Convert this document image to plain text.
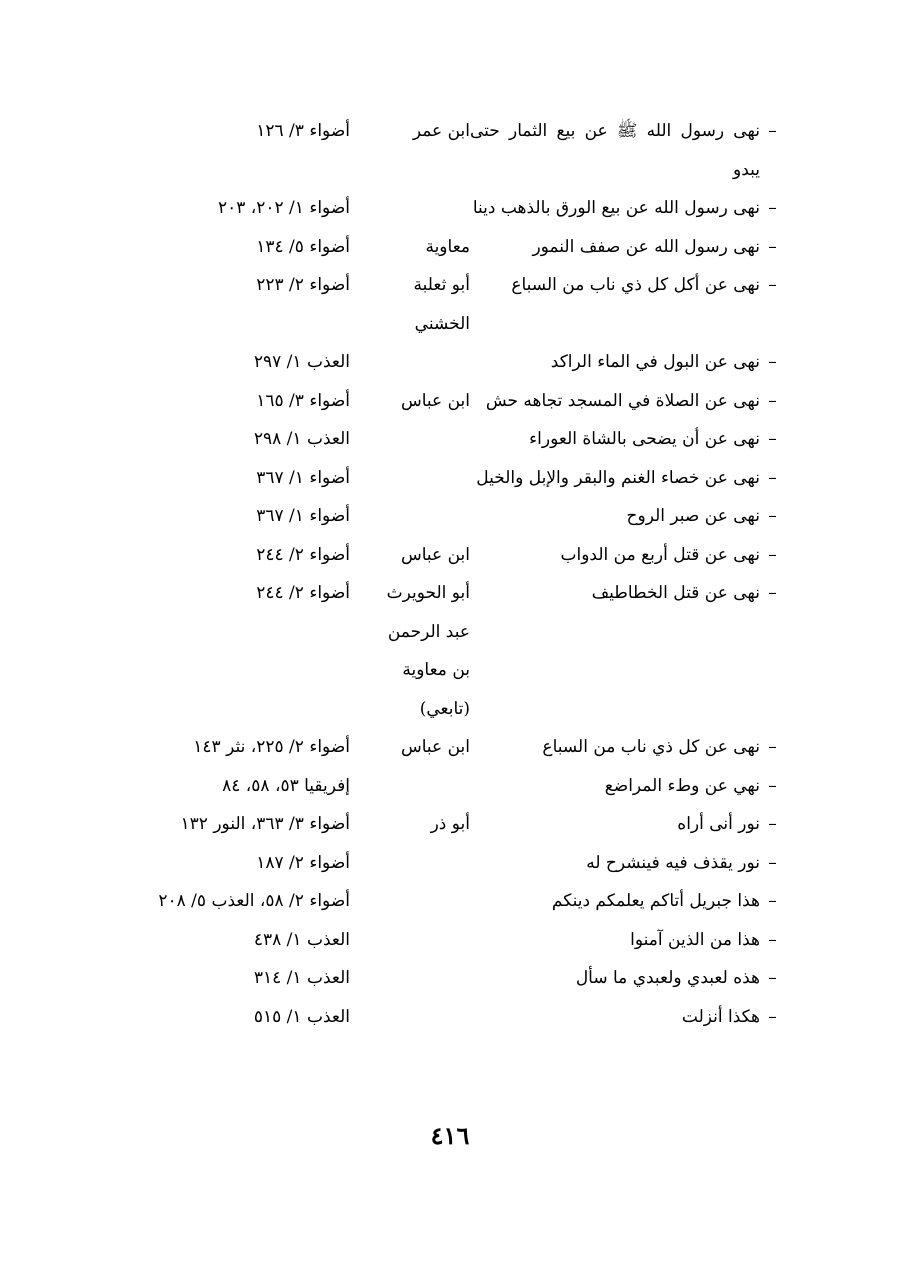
–
نهى رسول الله ﷺ عن بيع الثمار حتى يبدو
ابن عمر
أضواء ٣/ ١٢٦
–
نهى رسول الله عن بيع الورق بالذهب دينا
أضواء ١/ ٢٠٢، ٢٠٣
–
نهى رسول الله عن صفف النمور
معاوية
أضواء ٥/ ١٣٤
–
نهى عن أكل كل ذي ناب من السباع
أبو ثعلبة
الخشني
أضواء ٢/ ٢٢٣
–
نهى عن البول في الماء الراكد
العذب ١/ ٢٩٧
–
نهى عن الصلاة في المسجد تجاهه حش
ابن عباس
أضواء ٣/ ١٦٥
–
نهى عن أن يضحى بالشاة العوراء
العذب ١/ ٢٩٨
–
نهى عن خصاء الغنم والبقر والإبل والخيل
أضواء ١/ ٣٦٧
–
نهى عن صبر الروح
أضواء ١/ ٣٦٧
–
نهى عن قتل أربع من الدواب
ابن عباس
أضواء ٢/ ٢٤٤
–
نهى عن قتل الخطاطيف
أبو الحويرث
عبد الرحمن
بن معاوية
(تابعي)
أضواء ٢/ ٢٤٤
–
نهى عن كل ذي ناب من السباع
ابن عباس
أضواء ٢/ ٢٢٥، نثر ١٤٣
–
نهي عن وطء المراضع
إفريقيا ٥٣، ٥٨، ٨٤
–
نور أنى أراه
أبو ذر
أضواء ٣/ ٣٦٣، النور ١٣٢
–
نور يقذف فيه فينشرح له
أضواء ٢/ ١٨٧
–
هذا جبريل أتاكم يعلمكم دينكم
أضواء ٢/ ٥٨، العذب ٥/ ٢٠٨
–
هذا من الذين آمنوا
العذب ١/ ٤٣٨
–
هذه لعبدي ولعبدي ما سأل
العذب ١/ ٣١٤
–
هكذا أنزلت
العذب ١/ ٥١٥
٤١٦
